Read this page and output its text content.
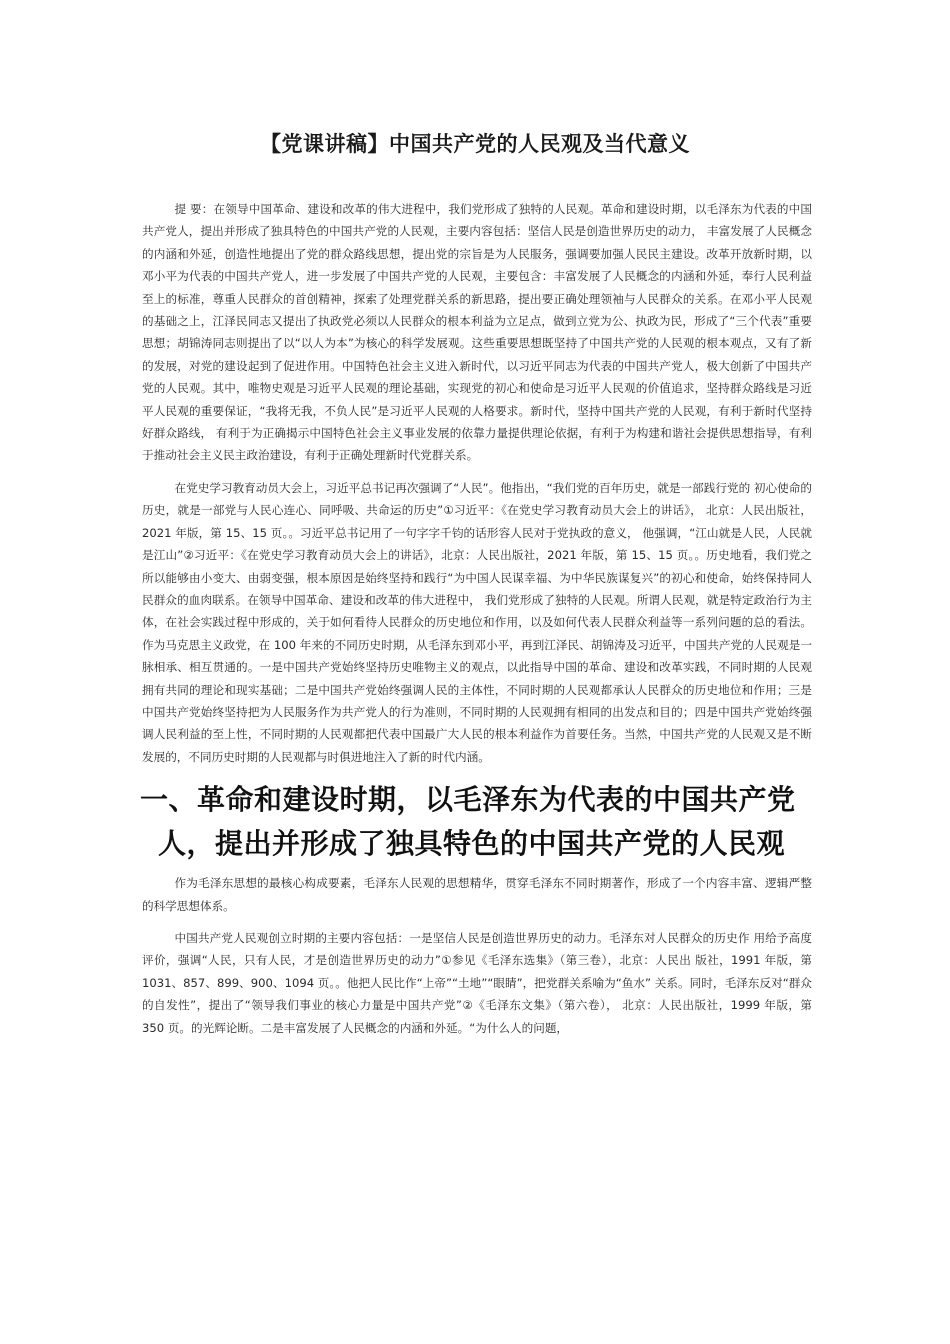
【党课讲稿】中国共产党的人民观及当代意义

提 要：在领导中国革命、建设和改革的伟大进程中，我们党形成了独特的人民观。革命和建设时期，以毛泽东为代表的中国共产党人，提出并形成了独具特色的中国共产党的人民观，主要内容包括：坚信人民是创造世界历史的动力， 丰富发展了人民概念的内涵和外延，创造性地提出了党的群众路线思想，提出党的宗旨是为人民服务，强调要加强人民民主建设。改革开放新时期，以邓小平为代表的中国共产党人，进一步发展了中国共产党的人民观，主要包含：丰富发展了人民概念的内涵和外延，奉行人民利益至上的标准，尊重人民群众的首创精神，探索了处理党群关系的新思路，提出要正确处理领袖与人民群众的关系。在邓小平人民观的基础之上，江泽民同志又提出了执政党必须以人民群众的根本利益为立足点，做到立党为公、执政为民，形成了“三个代表”重要思想；胡锦涛同志则提出了以“以人为本”为核心的科学发展观。这些重要思想既坚持了中国共产党的人民观的根本观点，又有了新的发展，对党的建设起到了促进作用。中国特色社会主义进入新时代，以习近平同志为代表的中国共产党人，极大创新了中国共产党的人民观。其中，唯物史观是习近平人民观的理论基础，实现党的初心和使命是习近平人民观的价值追求，坚持群众路线是习近平人民观的重要保证，“我将无我，不负人民”是习近平人民观的人格要求。新时代，坚持中国共产党的人民观，有利于新时代坚持好群众路线， 有利于为正确揭示中国特色社会主义事业发展的依靠力量提供理论依据，有利于为构建和谐社会提供思想指导，有利于推动社会主义民主政治建设，有利于正确处理新时代党群关系。

在党史学习教育动员大会上，习近平总书记再次强调了“人民”。他指出，“我们党的百年历史，就是一部践行党的 初心使命的历史，就是一部党与人民心连心、同呼吸、共命运的历史”①习近平：《在党史学习教育动员大会上的讲话》， 北京：人民出版社，2021 年版，第 15、15 页。。习近平总书记用了一句字字千钧的话形容人民对于党执政的意义， 他强调，“江山就是人民，人民就是江山”②习近平：《在党史学习教育动员大会上的讲话》，北京：人民出版社，2021 年版，第 15、15 页。。历史地看，我们党之所以能够由小变大、由弱变强，根本原因是始终坚持和践行“为中国人民谋幸福、为中华民族谋复兴”的初心和使命，始终保持同人民群众的血肉联系。在领导中国革命、建设和改革的伟大进程中， 我们党形成了独特的人民观。所谓人民观，就是特定政治行为主体，在社会实践过程中形成的，关于如何看待人民群众的历史地位和作用，以及如何代表人民群众利益等一系列问题的总的看法。作为马克思主义政党，在 100 年来的不同历史时期，从毛泽东到邓小平，再到江泽民、胡锦涛及习近平，中国共产党的人民观是一脉相承、相互贯通的。一是中国共产党始终坚持历史唯物主义的观点，以此指导中国的革命、建设和改革实践，不同时期的人民观拥有共同的理论和现实基础；二是中国共产党始终强调人民的主体性，不同时期的人民观都承认人民群众的历史地位和作用；三是中国共产党始终坚持把为人民服务作为共产党人的行为准则，不同时期的人民观拥有相同的出发点和目的；四是中国共产党始终强调人民利益的至上性，不同时期的人民观都把代表中国最广大人民的根本利益作为首要任务。当然，中国共产党的人民观又是不断发展的，不同历史时期的人民观都与时俱进地注入了新的时代内涵。

一、革命和建设时期，以毛泽东为代表的中国共产党
人，提出并形成了独具特色的中国共产党的人民观

作为毛泽东思想的最核心构成要素，毛泽东人民观的思想精华，贯穿毛泽东不同时期著作，形成了一个内容丰富、逻辑严整的科学思想体系。

中国共产党人民观创立时期的主要内容包括：一是坚信人民是创造世界历史的动力。毛泽东对人民群众的历史作 用给予高度评价，强调“人民，只有人民，才是创造世界历史的动力”①参见《毛泽东选集》（第三卷），北京：人民出 版社，1991 年版，第 1031、857、899、900、1094 页。。他把人民比作“上帝”“土地”“眼睛”，把党群关系喻为“鱼水” 关系。同时，毛泽东反对“群众的自发性”，提出了“领导我们事业的核心力量是中国共产党”②《毛泽东文集》（第六卷）， 北京：人民出版社，1999 年版，第 350 页。的光辉论断。二是丰富发展了人民概念的内涵和外延。“为什么人的问题，
